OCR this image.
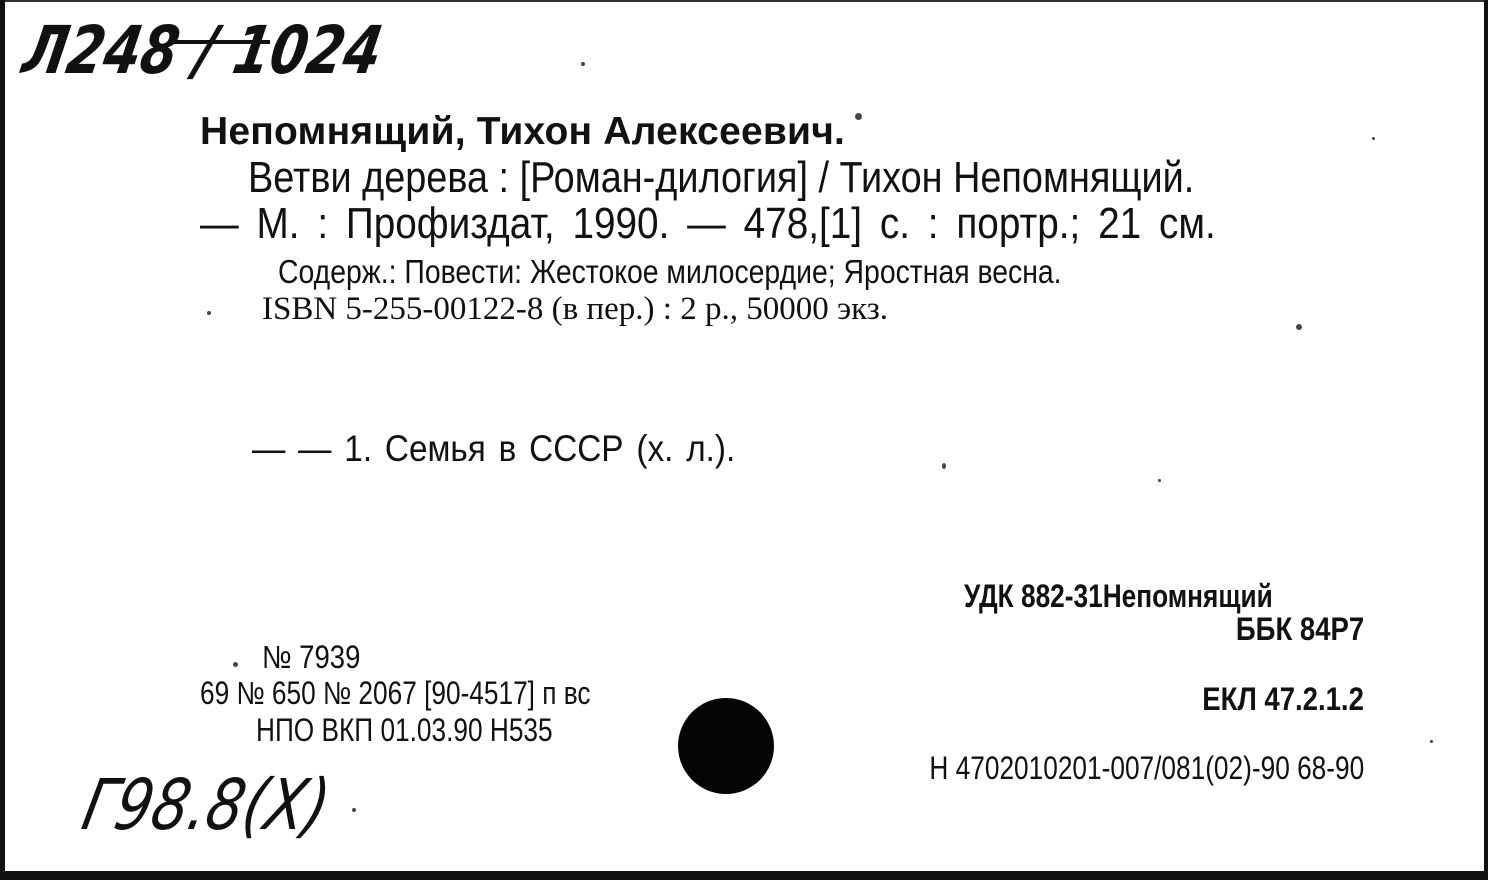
Л248 / 1024
Непомнящий, Тихон Алексеевич.
Ветви дерева : [Роман-дилогия] / Тихон Непомнящий.
— М. : Профиздат, 1990. — 478,[1] с. : портр.; 21 см.
Содерж.: Повести: Жестокое милосердие; Яростная весна.
ISBN 5-255-00122-8 (в пер.) : 2 р., 50000 экз.
— — 1. Семья в СССР (х. л.).
УДК 882-31Непомнящий
ББК 84Р7
ЕКЛ 47.2.1.2
Н 4702010201-007/081(02)-90 68-90
№ 7939
69 № 650 № 2067 [90-4517] п вс
НПО ВКП 01.03.90 Н535
Г98.8(Х)
